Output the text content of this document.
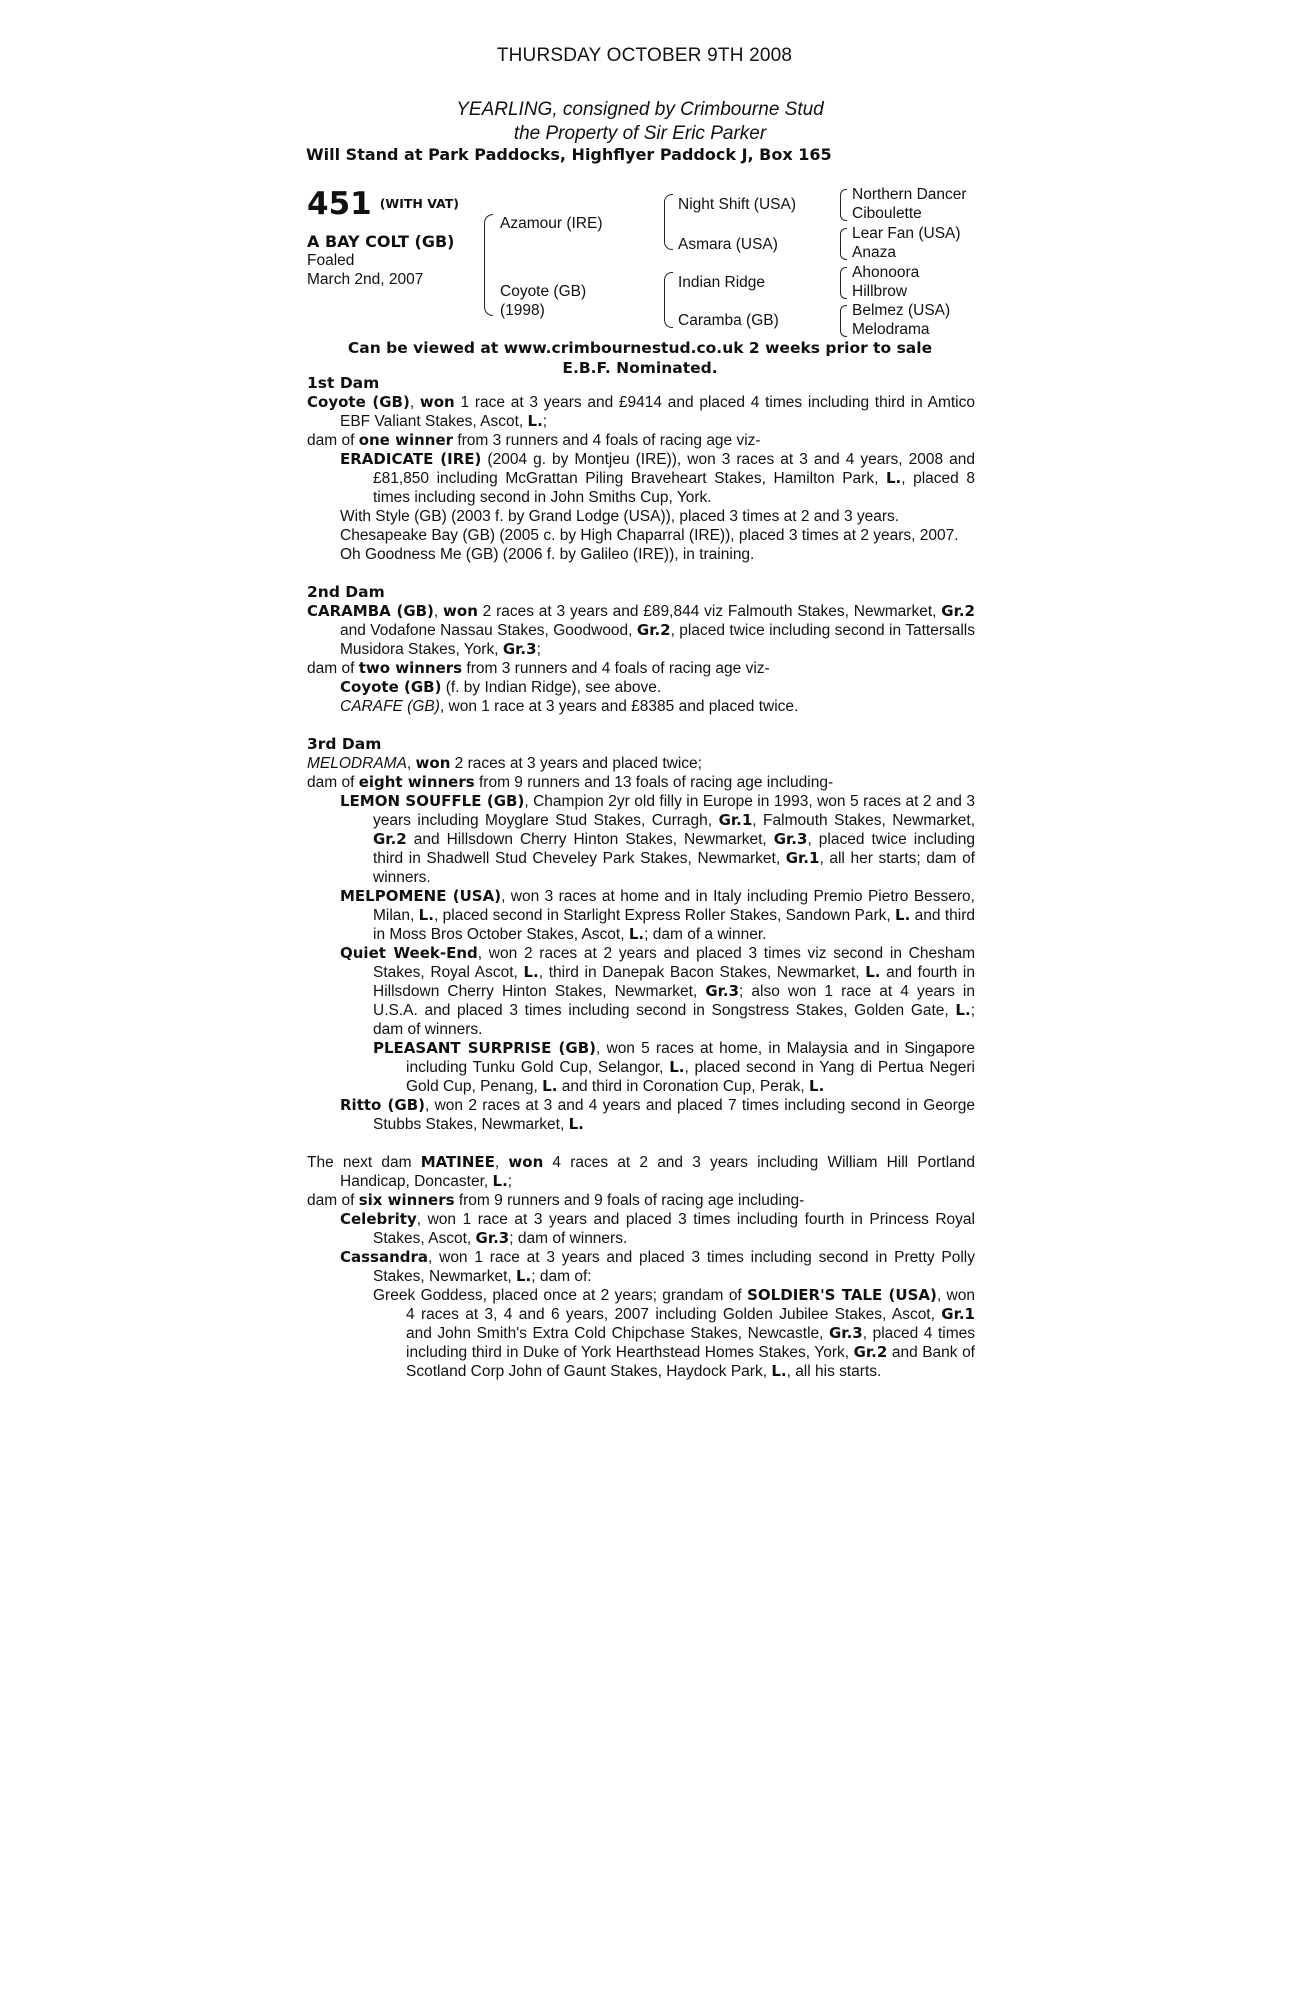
THURSDAY OCTOBER 9TH 2008
YEARLING, consigned by Crimbourne Stud
the Property of Sir Eric Parker
Will Stand at Park Paddocks, Highflyer Paddock J, Box 165
451 (WITH VAT)
A BAY COLT (GB)
Foaled
March 2nd, 2007
Azamour (IRE)
Coyote (GB)
(1998)
Night Shift (USA)
Asmara (USA)
Indian Ridge
Caramba (GB)
Northern Dancer
Ciboulette
Lear Fan (USA)
Anaza
Ahonoora
Hillbrow
Belmez (USA)
Melodrama
Can be viewed at www.crimbournestud.co.uk 2 weeks prior to sale
E.B.F. Nominated.
1st Dam

Coyote (GB), won 1 race at 3 years and £9414 and placed 4 times including third in Amtico EBF Valiant Stakes, Ascot, L.;

dam of one winner from 3 runners and 4 foals of racing age viz-

ERADICATE (IRE) (2004 g. by Montjeu (IRE)), won 3 races at 3 and 4 years, 2008 and £81,850 including McGrattan Piling Braveheart Stakes, Hamilton Park, L., placed 8 times including second in John Smiths Cup, York.

With Style (GB) (2003 f. by Grand Lodge (USA)), placed 3 times at 2 and 3 years.

Chesapeake Bay (GB) (2005 c. by High Chaparral (IRE)), placed 3 times at 2 years, 2007.

Oh Goodness Me (GB) (2006 f. by Galileo (IRE)), in training.

2nd Dam

CARAMBA (GB), won 2 races at 3 years and £89,844 viz Falmouth Stakes, Newmarket, Gr.2 and Vodafone Nassau Stakes, Goodwood, Gr.2, placed twice including second in Tattersalls Musidora Stakes, York, Gr.3;

dam of two winners from 3 runners and 4 foals of racing age viz-

Coyote (GB) (f. by Indian Ridge), see above.

CARAFE (GB), won 1 race at 3 years and £8385 and placed twice.

3rd Dam

MELODRAMA, won 2 races at 3 years and placed twice;

dam of eight winners from 9 runners and 13 foals of racing age including-

LEMON SOUFFLE (GB), Champion 2yr old filly in Europe in 1993, won 5 races at 2 and 3 years including Moyglare Stud Stakes, Curragh, Gr.1, Falmouth Stakes, Newmarket, Gr.2 and Hillsdown Cherry Hinton Stakes, Newmarket, Gr.3, placed twice including third in Shadwell Stud Cheveley Park Stakes, Newmarket, Gr.1, all her starts; dam of winners.

MELPOMENE (USA), won 3 races at home and in Italy including Premio Pietro Bessero, Milan, L., placed second in Starlight Express Roller Stakes, Sandown Park, L. and third in Moss Bros October Stakes, Ascot, L.; dam of a winner.

Quiet Week-End, won 2 races at 2 years and placed 3 times viz second in Chesham Stakes, Royal Ascot, L., third in Danepak Bacon Stakes, Newmarket, L. and fourth in Hillsdown Cherry Hinton Stakes, Newmarket, Gr.3; also won 1 race at 4 years in U.S.A. and placed 3 times including second in Songstress Stakes, Golden Gate, L.; dam of winners.

PLEASANT SURPRISE (GB), won 5 races at home, in Malaysia and in Singapore including Tunku Gold Cup, Selangor, L., placed second in Yang di Pertua Negeri Gold Cup, Penang, L. and third in Coronation Cup, Perak, L.

Ritto (GB), won 2 races at 3 and 4 years and placed 7 times including second in George Stubbs Stakes, Newmarket, L.

The next dam MATINEE, won 4 races at 2 and 3 years including William Hill Portland Handicap, Doncaster, L.;

dam of six winners from 9 runners and 9 foals of racing age including-

Celebrity, won 1 race at 3 years and placed 3 times including fourth in Princess Royal Stakes, Ascot, Gr.3; dam of winners.

Cassandra, won 1 race at 3 years and placed 3 times including second in Pretty Polly Stakes, Newmarket, L.; dam of:

Greek Goddess, placed once at 2 years; grandam of SOLDIER'S TALE (USA), won 4 races at 3, 4 and 6 years, 2007 including Golden Jubilee Stakes, Ascot, Gr.1 and John Smith's Extra Cold Chipchase Stakes, Newcastle, Gr.3, placed 4 times including third in Duke of York Hearthstead Homes Stakes, York, Gr.2 and Bank of Scotland Corp John of Gaunt Stakes, Haydock Park, L., all his starts.
